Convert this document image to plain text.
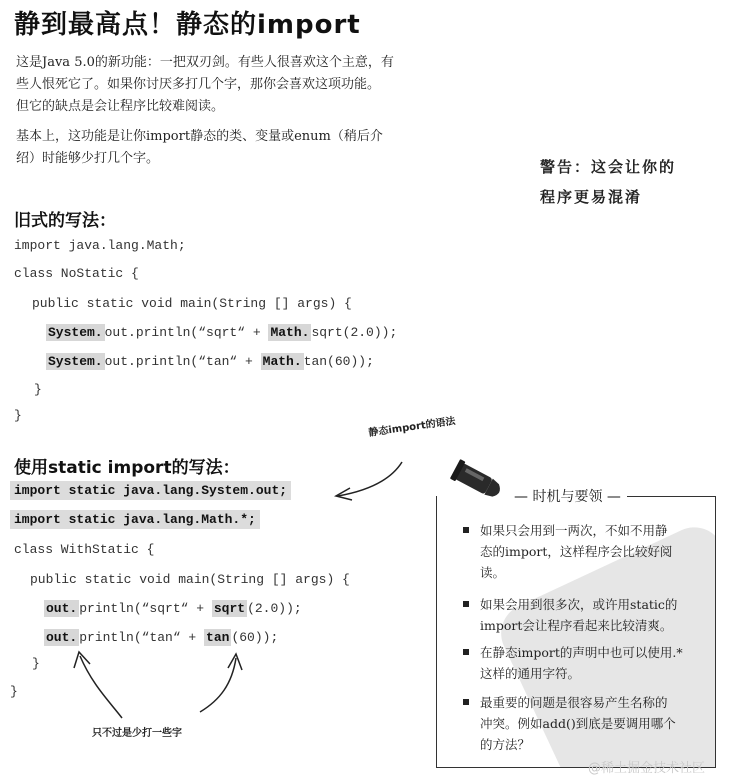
静到最高点！静态的import
这是Java 5.0的新功能：一把双刃剑。有些人很喜欢这个主意，有
些人恨死它了。如果你讨厌多打几个字，那你会喜欢这项功能。
但它的缺点是会让程序比较难阅读。
基本上，这功能是让你import静态的类、变量或enum（稍后介
绍）时能够少打几个字。	警告：这会让你的
程序更易混淆
旧式的写法：
import java.lang.Math;
class NoStatic {
public static void main(String [] args) {
System. out.println(“sqrt“ + Math. sqrt(2.0));
System. out.println(“tan“ + Math. tan(60));
}
}
静态import的语法
使用static import的写法：
import static java.lang.System.out;
import static java.lang.Math.*;
class WithStatic {
public static void main(String [] args) {
out. println(“sqrt“ + sqrt (2.0));
out. println(“tan“ + tan (60));
}
}
只不过是少打一些字
— 时机与要领 —
如果只会用到一两次，不如不用静
态的import，这样程序会比较好阅
读。
如果会用到很多次，或许用static的
import会让程序看起来比较清爽。
在静态import的声明中也可以使用.*
这样的通用字符。
最重要的问题是很容易产生名称的
冲突。例如add()到底是要调用哪个
的方法？
@稀土掘金技术社区
